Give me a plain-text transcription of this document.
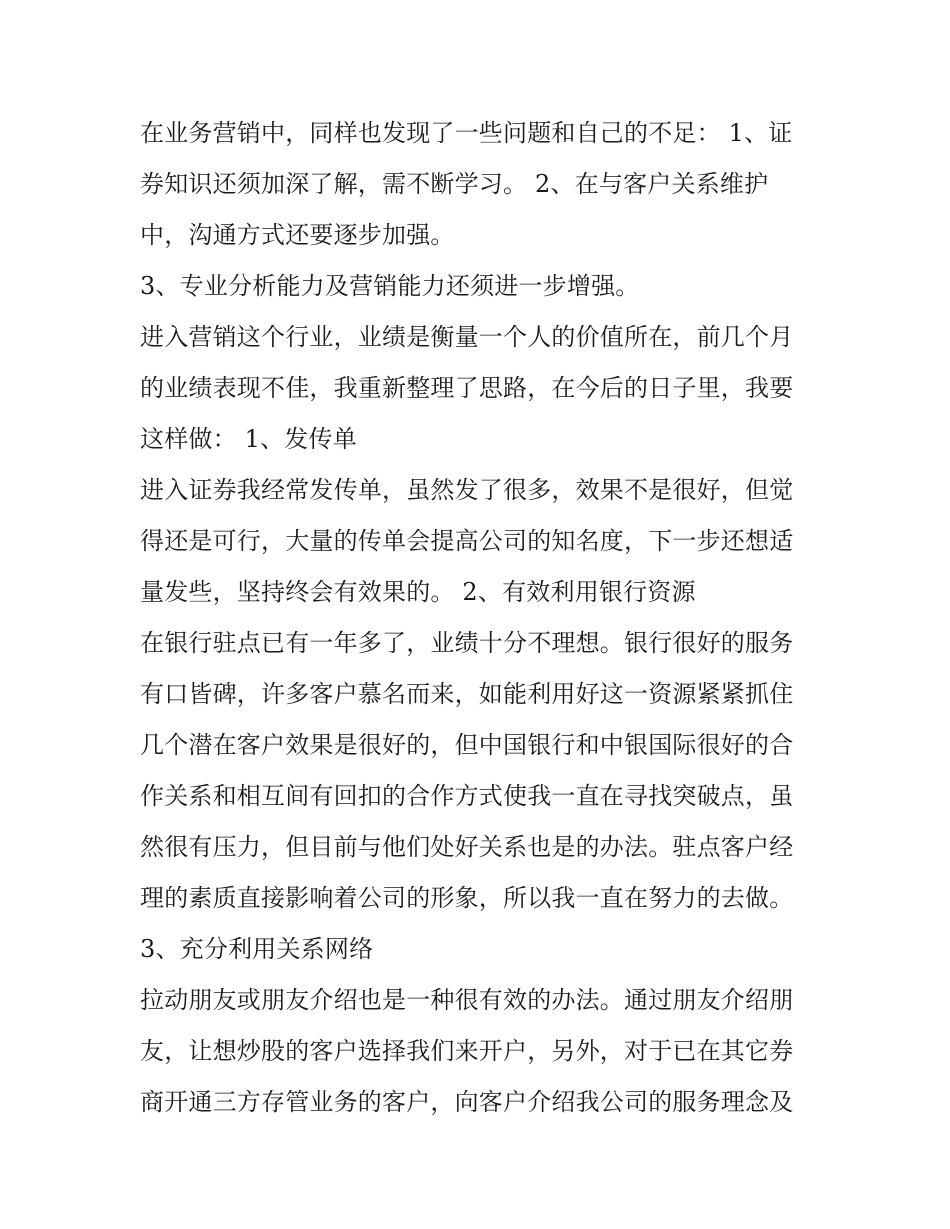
在业务营销中，同样也发现了一些问题和自己的不足： 1、证
券知识还须加深了解，需不断学习。 2、在与客户关系维护
中，沟通方式还要逐步加强。
3、专业分析能力及营销能力还须进一步增强。
进入营销这个行业，业绩是衡量一个人的价值所在，前几个月
的业绩表现不佳，我重新整理了思路，在今后的日子里，我要
这样做： 1、发传单
进入证券我经常发传单，虽然发了很多，效果不是很好，但觉
得还是可行，大量的传单会提高公司的知名度，下一步还想适
量发些，坚持终会有效果的。 2、有效利用银行资源
在银行驻点已有一年多了，业绩十分不理想。银行很好的服务
有口皆碑，许多客户慕名而来，如能利用好这一资源紧紧抓住
几个潜在客户效果是很好的，但中国银行和中银国际很好的合
作关系和相互间有回扣的合作方式使我一直在寻找突破点，虽
然很有压力，但目前与他们处好关系也是的办法。驻点客户经
理的素质直接影响着公司的形象，所以我一直在努力的去做。
3、充分利用关系网络
拉动朋友或朋友介绍也是一种很有效的办法。通过朋友介绍朋
友，让想炒股的客户选择我们来开户，另外，对于已在其它券
商开通三方存管业务的客户，向客户介绍我公司的服务理念及
